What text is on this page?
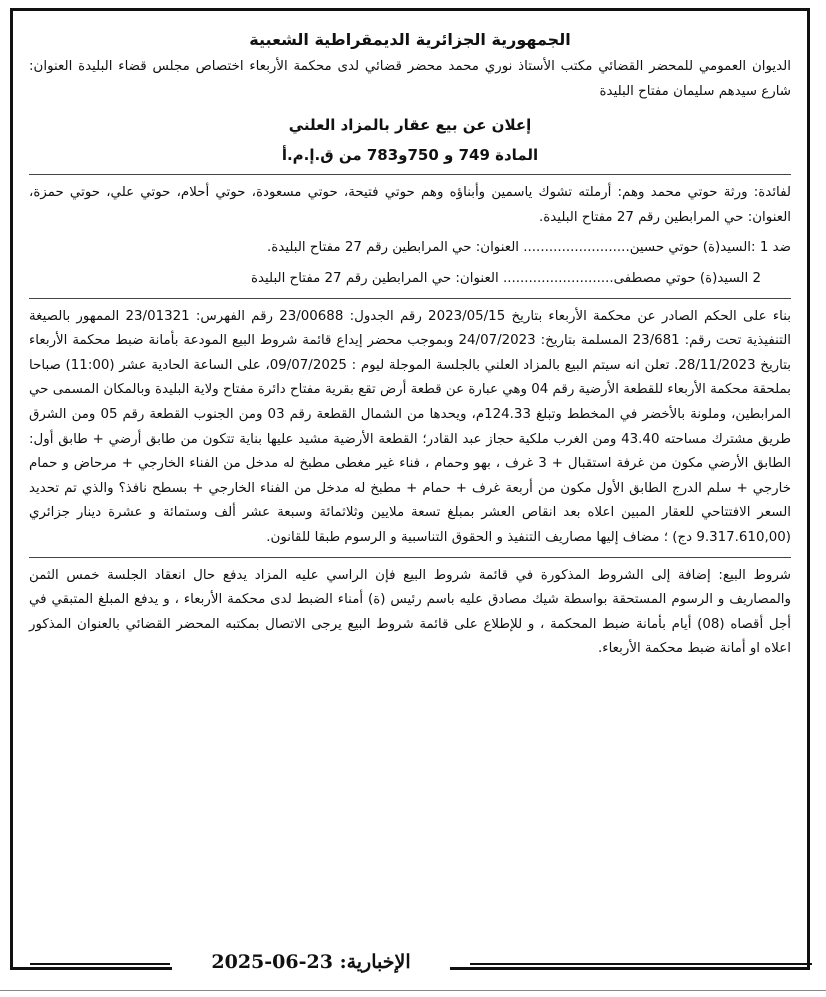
الجمهورية الجزائرية الديمقراطية الشعبية

الديوان العمومي للمحضر القضائي مكتب الأستاذ نوري محمد محضر قضائي لدى محكمة الأربعاء اختصاص مجلس قضاء البليدة العنوان: شارع سيدهم سليمان مفتاح البليدة

إعلان عن بيع عقار بالمزاد العلني

المادة 749 و 750و783 من ق.إ.م.أ

لفائدة: ورثة حوتي محمد وهم: أرملته تشوك ياسمين وأبناؤه وهم حوتي فتيحة، حوتي مسعودة، حوتي أحلام، حوتي علي، حوتي حمزة، العنوان: حي المرابطين رقم 27 مفتاح البليدة.

ضد 1 :السيد(ة) حوتي حسين......................... العنوان: حي المرابطين رقم 27 مفتاح البليدة.

2 السيد(ة) حوتي مصطفى.......................... العنوان: حي المرابطين رقم 27 مفتاح البليدة

بناء على الحكم الصادر عن محكمة الأربعاء بتاريخ 2023/05/15 رقم الجدول: 23/00688 رقم الفهرس: 23/01321 الممهور بالصيغة التنفيذية تحت رقم: 23/681 المسلمة بتاريخ: 24/07/2023 وبموجب محضر إيداع قائمة شروط البيع المودعة بأمانة ضبط محكمة الأربعاء بتاريخ 28/11/2023. تعلن انه سيتم البيع بالمزاد العلني بالجلسة الموجلة ليوم : 09/07/2025، على الساعة الحادية عشر (11:00) صباحا بملحقة محكمة الأربعاء للقطعة الأرضية رقم 04 وهي عبارة عن قطعة أرض تقع بقرية مفتاح دائرة مفتاح ولاية البليدة وبالمكان المسمى حي المرابطين، وملونة بالأخضر في المخطط وتبلغ 124.33م، ويحدها من الشمال القطعة رقم 03 ومن الجنوب القطعة رقم 05 ومن الشرق طريق مشترك مساحته 43.40 ومن الغرب ملكية حجاز عبد القادر؛ القطعة الأرضية مشيد عليها بناية تتكون من طابق أرضي + طابق أول: الطابق الأرضي مكون من غرفة استقبال + 3 غرف ، بهو وحمام ، فناء غير مغطى مطبخ له مدخل من الفناء الخارجي + مرحاض و حمام خارجي + سلم الدرج الطابق الأول مكون من أربعة غرف + حمام + مطبخ له مدخل من الفناء الخارجي + بسطح نافذ؟ والذي تم تحديد السعر الافتتاحي للعقار المبين اعلاه بعد انقاص العشر بمبلغ تسعة ملايين وثلاثمائة وسبعة عشر ألف وستمائة و عشرة دينار جزائري (9.317.610,00 دج) ؛ مضاف إليها مصاريف التنفيذ و الحقوق التناسبية و الرسوم طبقا للقانون.

شروط البيع: إضافة إلى الشروط المذكورة في قائمة شروط البيع فإن الراسي عليه المزاد يدفع حال انعقاد الجلسة خمس الثمن والمصاريف و الرسوم المستحقة بواسطة شيك مصادق عليه باسم رئيس (ة) أمناء الضبط لدى محكمة الأربعاء ، و يدفع المبلغ المتبقي في أجل أقصاه (08) أيام بأمانة ضبط المحكمة ، و للإطلاع على قائمة شروط البيع يرجى الاتصال بمكتبه المحضر القضائي بالعنوان المذكور اعلاه او أمانة ضبط محكمة الأربعاء.

الإخبارية: 23-06-2025
